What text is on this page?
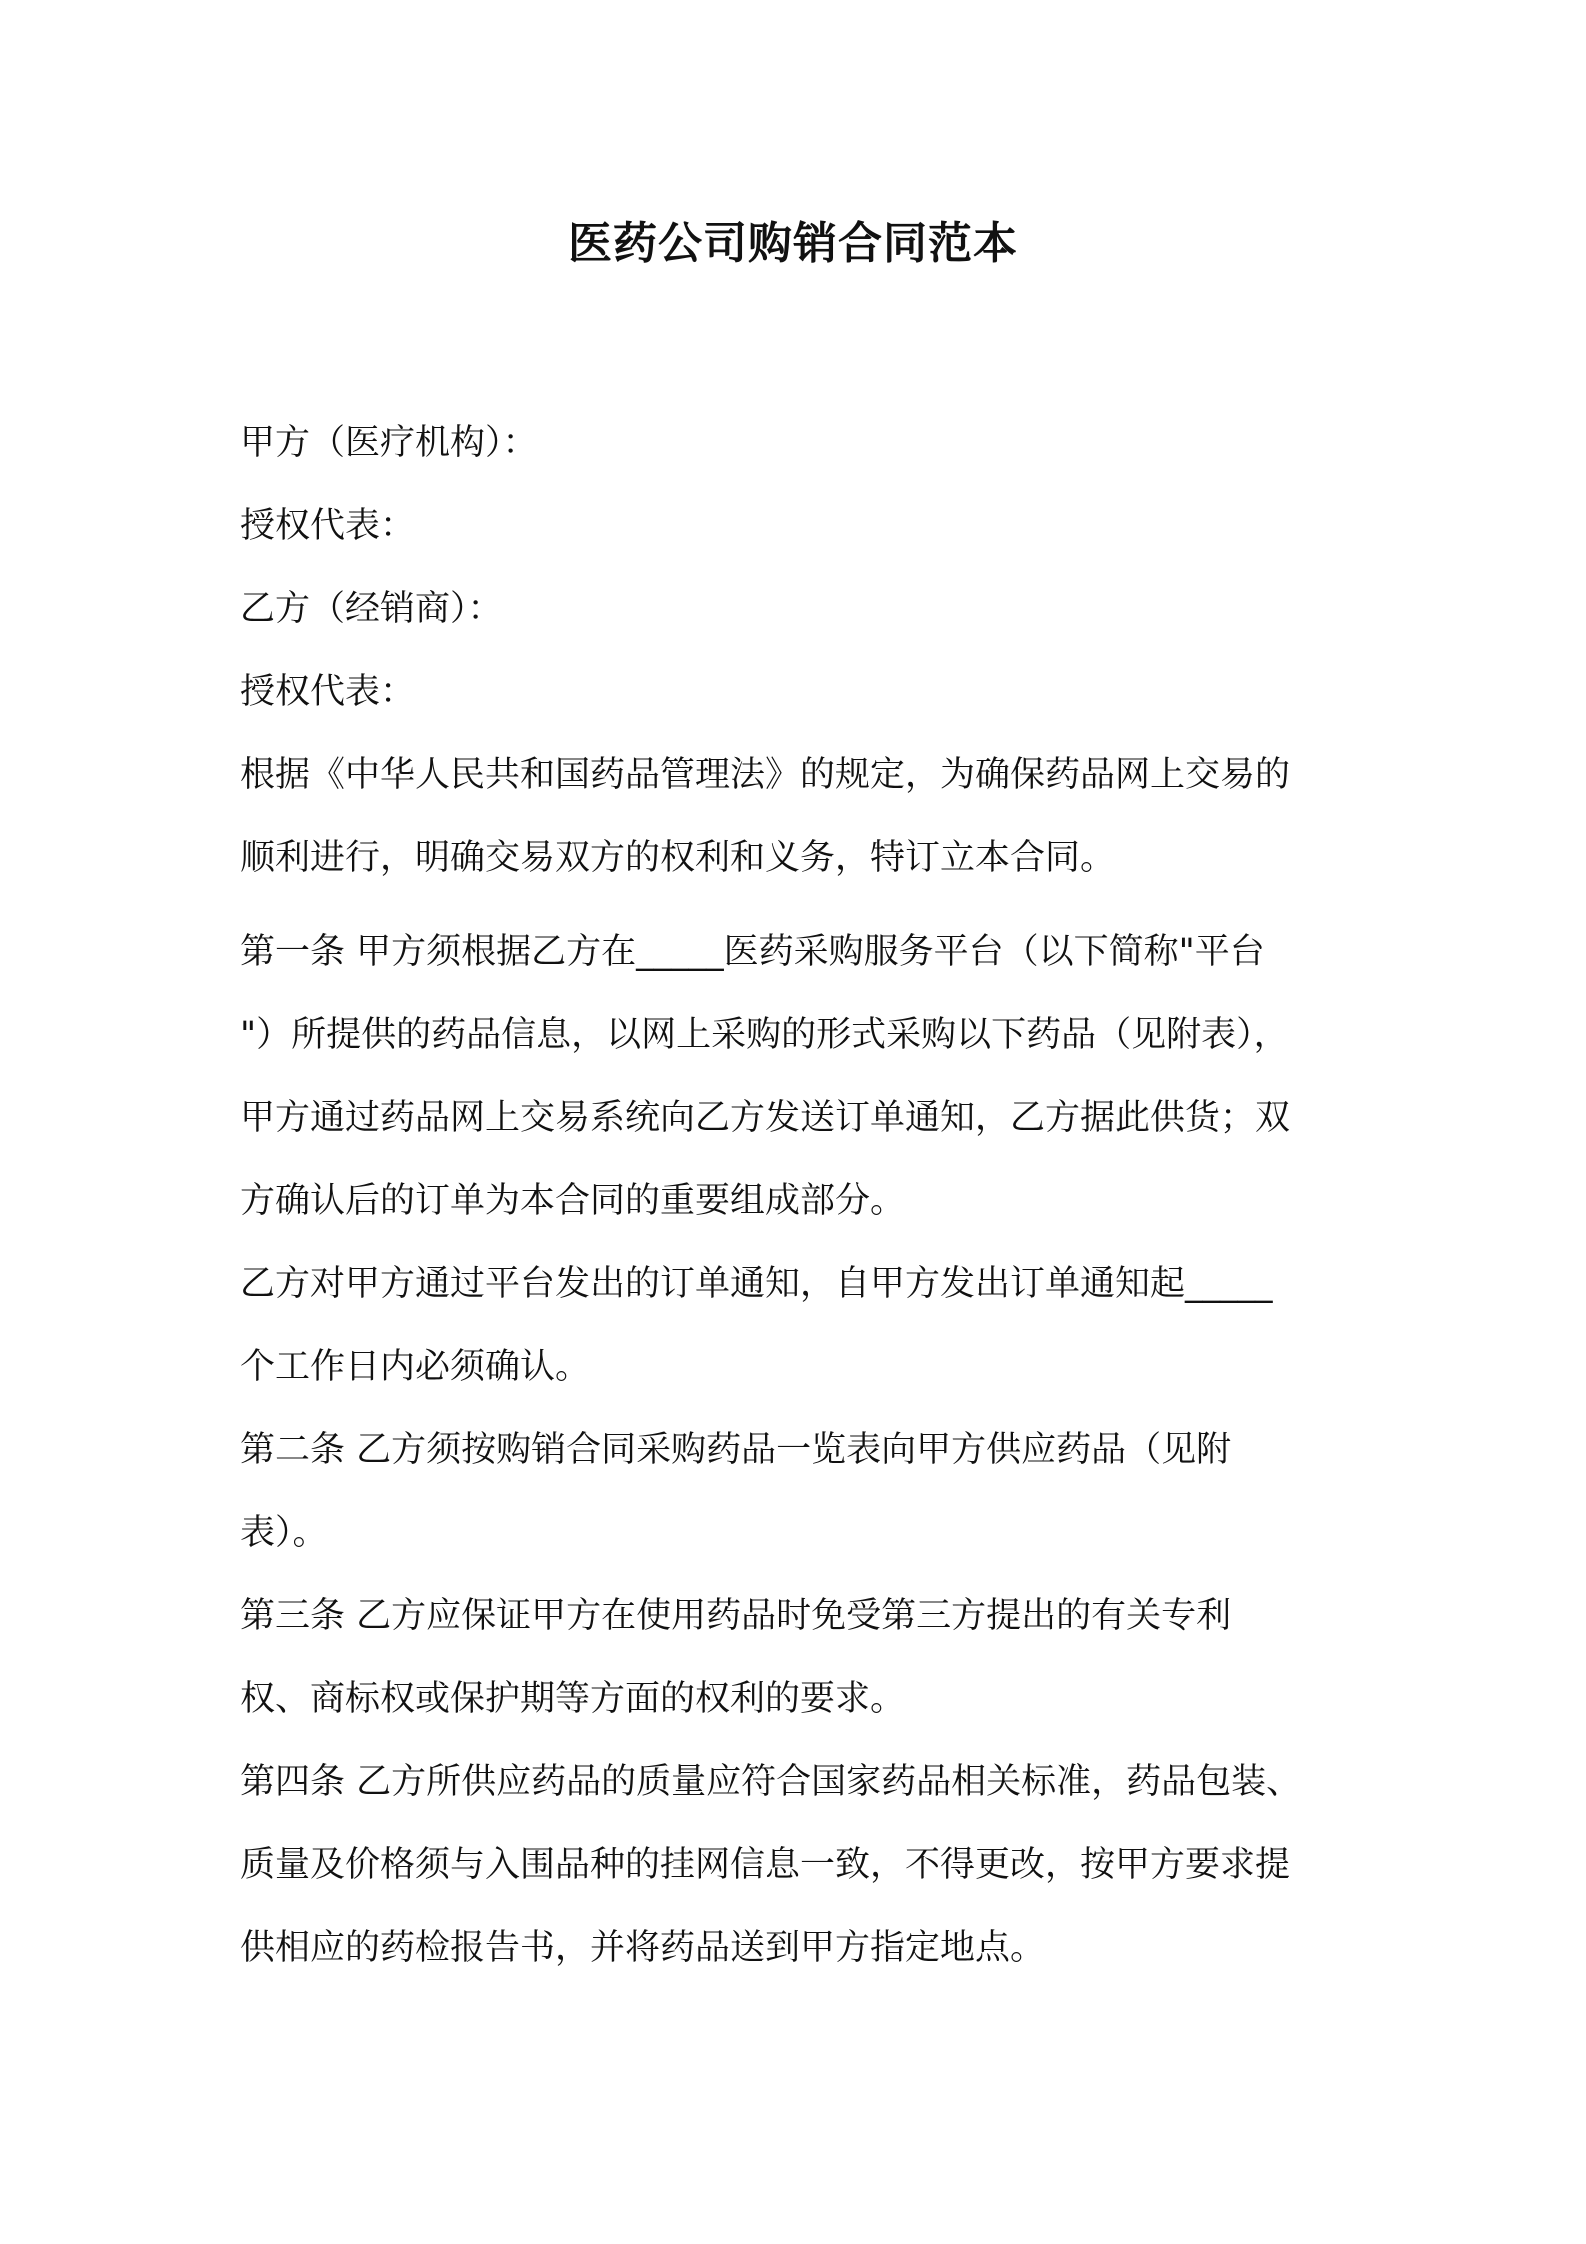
医药公司购销合同范本
甲方（医疗机构）：
授权代表：
乙方（经销商）：
授权代表：
根据《中华人民共和国药品管理法》的规定，为确保药品网上交易的
顺利进行，明确交易双方的权利和义务，特订立本合同。
第一条 甲方须根据乙方在_____医药采购服务平台（以下简称"平台
"）所提供的药品信息，以网上采购的形式采购以下药品（见附表），
甲方通过药品网上交易系统向乙方发送订单通知，乙方据此供货；双
方确认后的订单为本合同的重要组成部分。
乙方对甲方通过平台发出的订单通知，自甲方发出订单通知起_____
个工作日内必须确认。
第二条 乙方须按购销合同采购药品一览表向甲方供应药品（见附
表）。
第三条 乙方应保证甲方在使用药品时免受第三方提出的有关专利
权、商标权或保护期等方面的权利的要求。
第四条 乙方所供应药品的质量应符合国家药品相关标准，药品包装、
质量及价格须与入围品种的挂网信息一致，不得更改，按甲方要求提
供相应的药检报告书，并将药品送到甲方指定地点。
